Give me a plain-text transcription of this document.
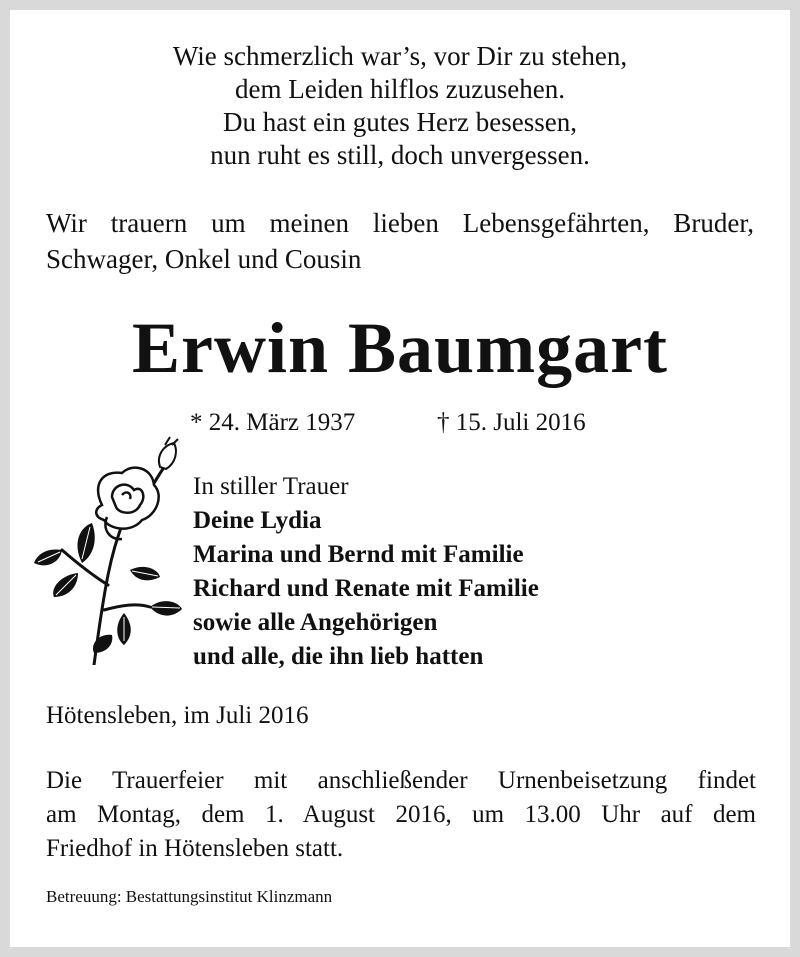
Wie schmerzlich war’s, vor Dir zu stehen,
dem Leiden hilflos zuzusehen.
Du hast ein gutes Herz besessen,
nun ruht es still, doch unvergessen.
Wir trauern um meinen lieben Lebensgefährten, Bruder,
Schwager, Onkel und Cousin
Erwin Baumgart
* 24. März 1937	† 15. Juli 2016
In stiller Trauer
Deine Lydia
Marina und Bernd mit Familie
Richard und Renate mit Familie
sowie alle Angehörigen
und alle, die ihn lieb hatten
Hötensleben, im Juli 2016
Die Trauerfeier mit anschließender Urnenbeisetzung findet
am Montag, dem 1. August 2016, um 13.00 Uhr auf dem
Friedhof in Hötensleben statt.
Betreuung: Bestattungsinstitut Klinzmann
